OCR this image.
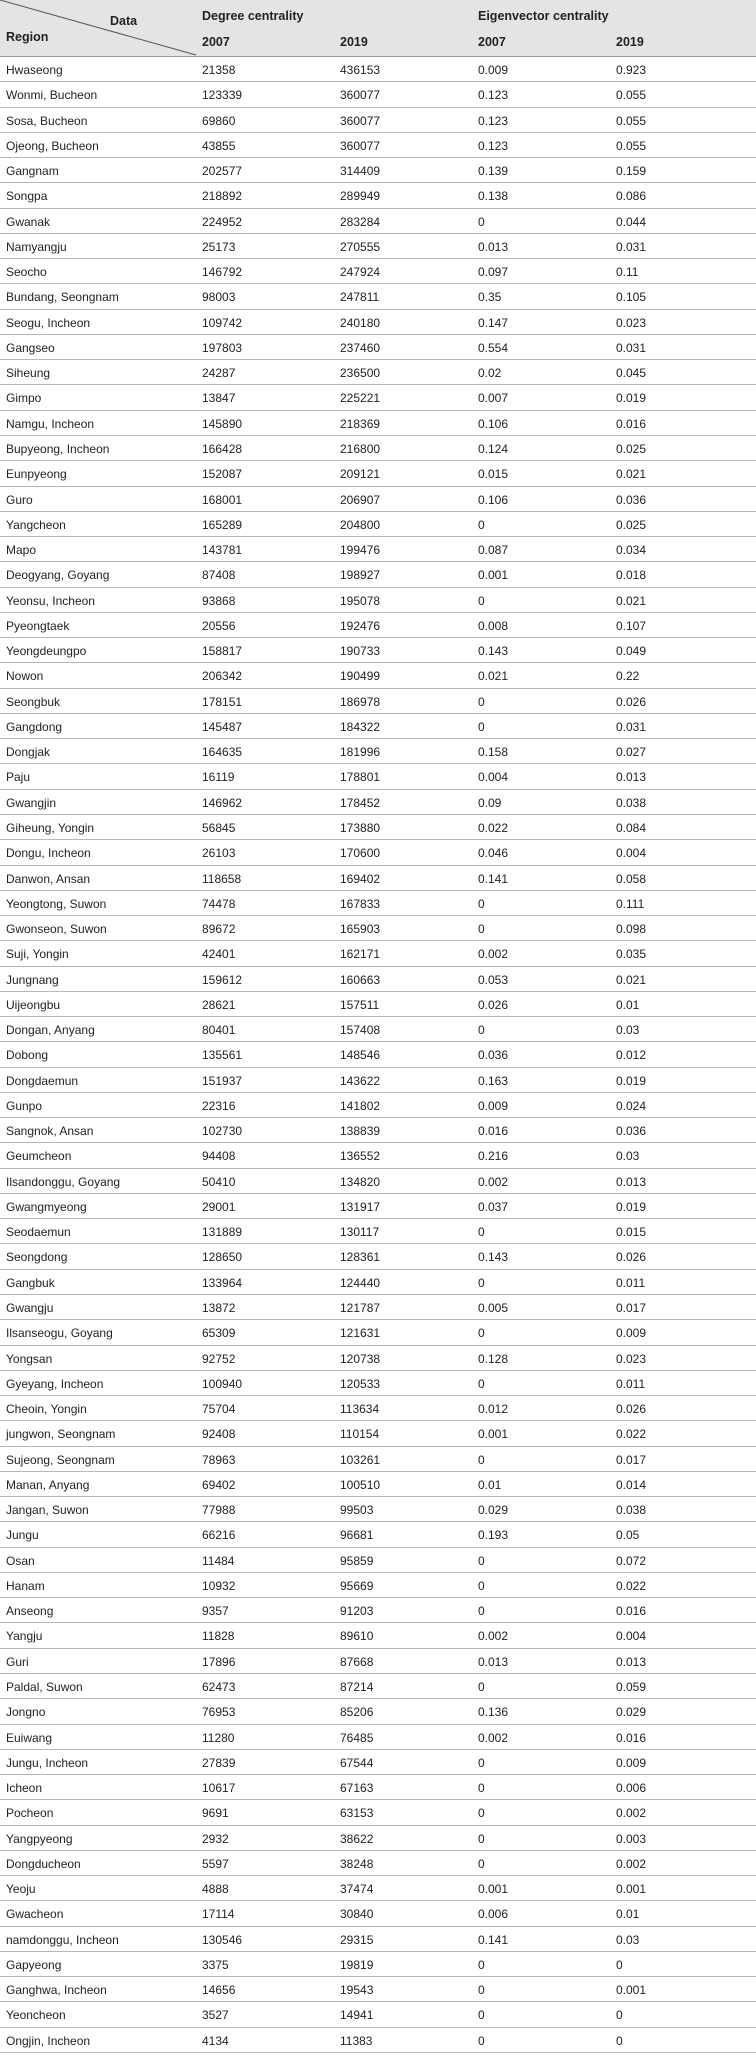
Data
Region
Degree centrality	Eigenvector centrality
2007	2019	2007	2019
Hwaseong	21358	436153	0.009	0.923
Wonmi, Bucheon	123339	360077	0.123	0.055
Sosa, Bucheon	69860	360077	0.123	0.055
Ojeong, Bucheon	43855	360077	0.123	0.055
Gangnam	202577	314409	0.139	0.159
Songpa	218892	289949	0.138	0.086
Gwanak	224952	283284	0	0.044
Namyangju	25173	270555	0.013	0.031
Seocho	146792	247924	0.097	0.11
Bundang, Seongnam	98003	247811	0.35	0.105
Seogu, Incheon	109742	240180	0.147	0.023
Gangseo	197803	237460	0.554	0.031
Siheung	24287	236500	0.02	0.045
Gimpo	13847	225221	0.007	0.019
Namgu, Incheon	145890	218369	0.106	0.016
Bupyeong, Incheon	166428	216800	0.124	0.025
Eunpyeong	152087	209121	0.015	0.021
Guro	168001	206907	0.106	0.036
Yangcheon	165289	204800	0	0.025
Mapo	143781	199476	0.087	0.034
Deogyang, Goyang	87408	198927	0.001	0.018
Yeonsu, Incheon	93868	195078	0	0.021
Pyeongtaek	20556	192476	0.008	0.107
Yeongdeungpo	158817	190733	0.143	0.049
Nowon	206342	190499	0.021	0.22
Seongbuk	178151	186978	0	0.026
Gangdong	145487	184322	0	0.031
Dongjak	164635	181996	0.158	0.027
Paju	16119	178801	0.004	0.013
Gwangjin	146962	178452	0.09	0.038
Giheung, Yongin	56845	173880	0.022	0.084
Dongu, Incheon	26103	170600	0.046	0.004
Danwon, Ansan	118658	169402	0.141	0.058
Yeongtong, Suwon	74478	167833	0	0.111
Gwonseon, Suwon	89672	165903	0	0.098
Suji, Yongin	42401	162171	0.002	0.035
Jungnang	159612	160663	0.053	0.021
Uijeongbu	28621	157511	0.026	0.01
Dongan, Anyang	80401	157408	0	0.03
Dobong	135561	148546	0.036	0.012
Dongdaemun	151937	143622	0.163	0.019
Gunpo	22316	141802	0.009	0.024
Sangnok, Ansan	102730	138839	0.016	0.036
Geumcheon	94408	136552	0.216	0.03
Ilsandonggu, Goyang	50410	134820	0.002	0.013
Gwangmyeong	29001	131917	0.037	0.019
Seodaemun	131889	130117	0	0.015
Seongdong	128650	128361	0.143	0.026
Gangbuk	133964	124440	0	0.011
Gwangju	13872	121787	0.005	0.017
Ilsanseogu, Goyang	65309	121631	0	0.009
Yongsan	92752	120738	0.128	0.023
Gyeyang, Incheon	100940	120533	0	0.011
Cheoin, Yongin	75704	113634	0.012	0.026
jungwon, Seongnam	92408	110154	0.001	0.022
Sujeong, Seongnam	78963	103261	0	0.017
Manan, Anyang	69402	100510	0.01	0.014
Jangan, Suwon	77988	99503	0.029	0.038
Jungu	66216	96681	0.193	0.05
Osan	11484	95859	0	0.072
Hanam	10932	95669	0	0.022
Anseong	9357	91203	0	0.016
Yangju	11828	89610	0.002	0.004
Guri	17896	87668	0.013	0.013
Paldal, Suwon	62473	87214	0	0.059
Jongno	76953	85206	0.136	0.029
Euiwang	11280	76485	0.002	0.016
Jungu, Incheon	27839	67544	0	0.009
Icheon	10617	67163	0	0.006
Pocheon	9691	63153	0	0.002
Yangpyeong	2932	38622	0	0.003
Dongducheon	5597	38248	0	0.002
Yeoju	4888	37474	0.001	0.001
Gwacheon	17114	30840	0.006	0.01
namdonggu, Incheon	130546	29315	0.141	0.03
Gapyeong	3375	19819	0	0
Ganghwa, Incheon	14656	19543	0	0.001
Yeoncheon	3527	14941	0	0
Ongjin, Incheon	4134	11383	0	0
